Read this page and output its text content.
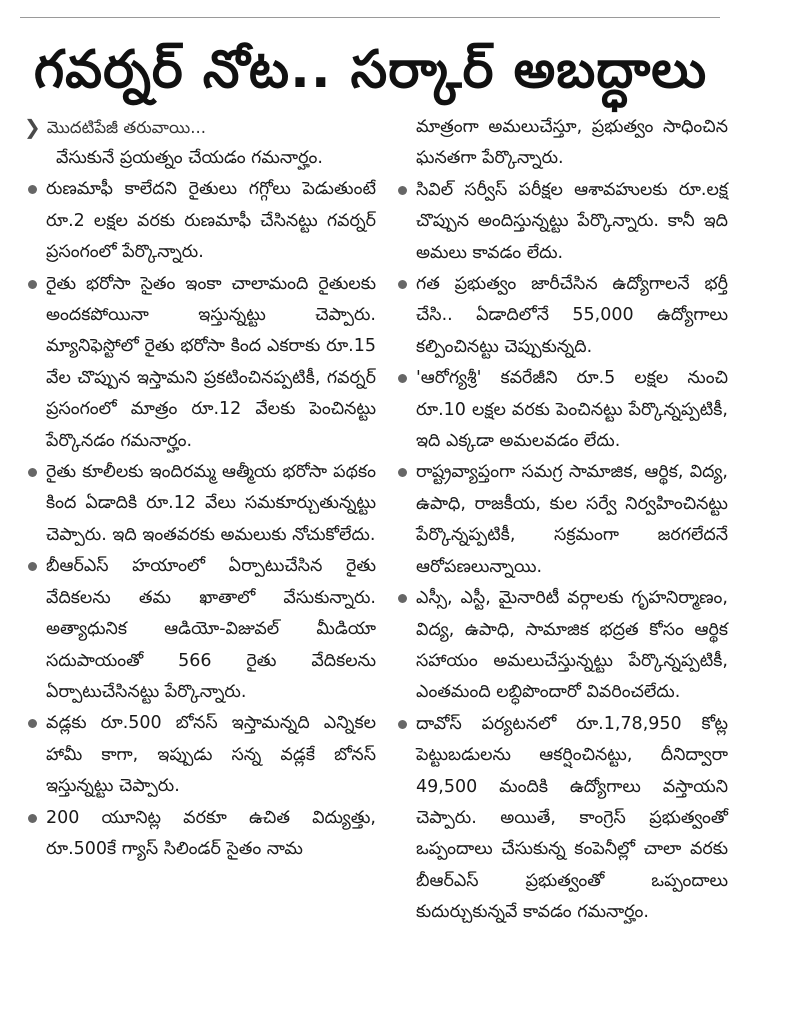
గవర్నర్ నోట.. సర్కార్ అబద్ధాలు
❯ మొదటిపేజీ తరువాయి...

వేసుకునే ప్రయత్నం చేయడం గమనార్హం.

రుణమాఫీ కాలేదని రైతులు గగ్గోలు పెడుతుంటే రూ.2 లక్షల వరకు రుణమాఫీ చేసినట్టు గవర్నర్ ప్రసంగంలో పేర్కొన్నారు.
రైతు భరోసా సైతం ఇంకా చాలామంది రైతులకు అందకపోయినా ఇస్తున్నట్టు చెప్పారు. మ్యానిఫెస్టోలో రైతు భరోసా కింద ఎకరాకు రూ.15 వేల చొప్పున ఇస్తామని ప్రకటించినప్పటికీ, గవర్నర్ ప్రసంగంలో మాత్రం రూ.12 వేలకు పెంచినట్టు పేర్కొనడం గమనార్హం.
రైతు కూలీలకు ఇందిరమ్మ ఆత్మీయ భరోసా పథకం కింద ఏడాదికి రూ.12 వేలు సమకూర్చుతున్నట్టు చెప్పారు. ఇది ఇంతవరకు అమలుకు నోచుకోలేదు.
బీఆర్ఎస్ హయాంలో ఏర్పాటుచేసిన రైతు వేదికలను తమ ఖాతాలో వేసుకున్నారు. అత్యాధునిక ఆడియో-విజువల్ మీడియా సదుపాయంతో 566 రైతు వేదికలను ఏర్పాటుచేసినట్టు పేర్కొన్నారు.
వడ్లకు రూ.500 బోనస్ ఇస్తామన్నది ఎన్నికల హామీ కాగా, ఇప్పుడు సన్న వడ్లకే బోనస్ ఇస్తున్నట్టు చెప్పారు.
200 యూనిట్ల వరకూ ఉచిత విద్యుత్తు, రూ.500కే గ్యాస్ సిలిండర్ సైతం నామ

మాత్రంగా అమలుచేస్తూ, ప్రభుత్వం సాధించిన ఘనతగా పేర్కొన్నారు.

సివిల్ సర్వీస్ పరీక్షల ఆశావహులకు రూ.లక్ష చొప్పున అందిస్తున్నట్టు పేర్కొన్నారు. కానీ ఇది అమలు కావడం లేదు.
గత ప్రభుత్వం జారీచేసిన ఉద్యోగాలనే భర్తీ చేసి.. ఏడాదిలోనే 55,000 ఉద్యోగాలు కల్పించినట్టు చెప్పుకున్నది.
'ఆరోగ్యశ్రీ' కవరేజీని రూ.5 లక్షల నుంచి రూ.10 లక్షల వరకు పెంచినట్టు పేర్కొన్నప్పటికీ, ఇది ఎక్కడా అమలవడం లేదు.
రాష్ట్రవ్యాప్తంగా సమగ్ర సామాజిక, ఆర్థిక, విద్య, ఉపాధి, రాజకీయ, కుల సర్వే నిర్వహించినట్టు పేర్కొన్నప్పటికీ, సక్రమంగా జరగలేదనే ఆరోపణలున్నాయి.
ఎస్సీ, ఎస్టీ, మైనారిటీ వర్గాలకు గృహనిర్మాణం, విద్య, ఉపాధి, సామాజిక భద్రత కోసం ఆర్థిక సహాయం అమలుచేస్తున్నట్టు పేర్కొన్నప్పటికీ, ఎంతమంది లబ్ధిపొందారో వివరించలేదు.
దావోస్ పర్యటనలో రూ.1,78,950 కోట్ల పెట్టుబడులను ఆకర్షించినట్టు, దీనిద్వారా 49,500 మందికి ఉద్యోగాలు వస్తాయని చెప్పారు. అయితే, కాంగ్రెస్ ప్రభుత్వంతో ఒప్పందాలు చేసుకున్న కంపెనీల్లో చాలా వరకు బీఆర్ఎస్ ప్రభుత్వంతో ఒప్పందాలు కుదుర్చుకున్నవే కావడం గమనార్హం.
